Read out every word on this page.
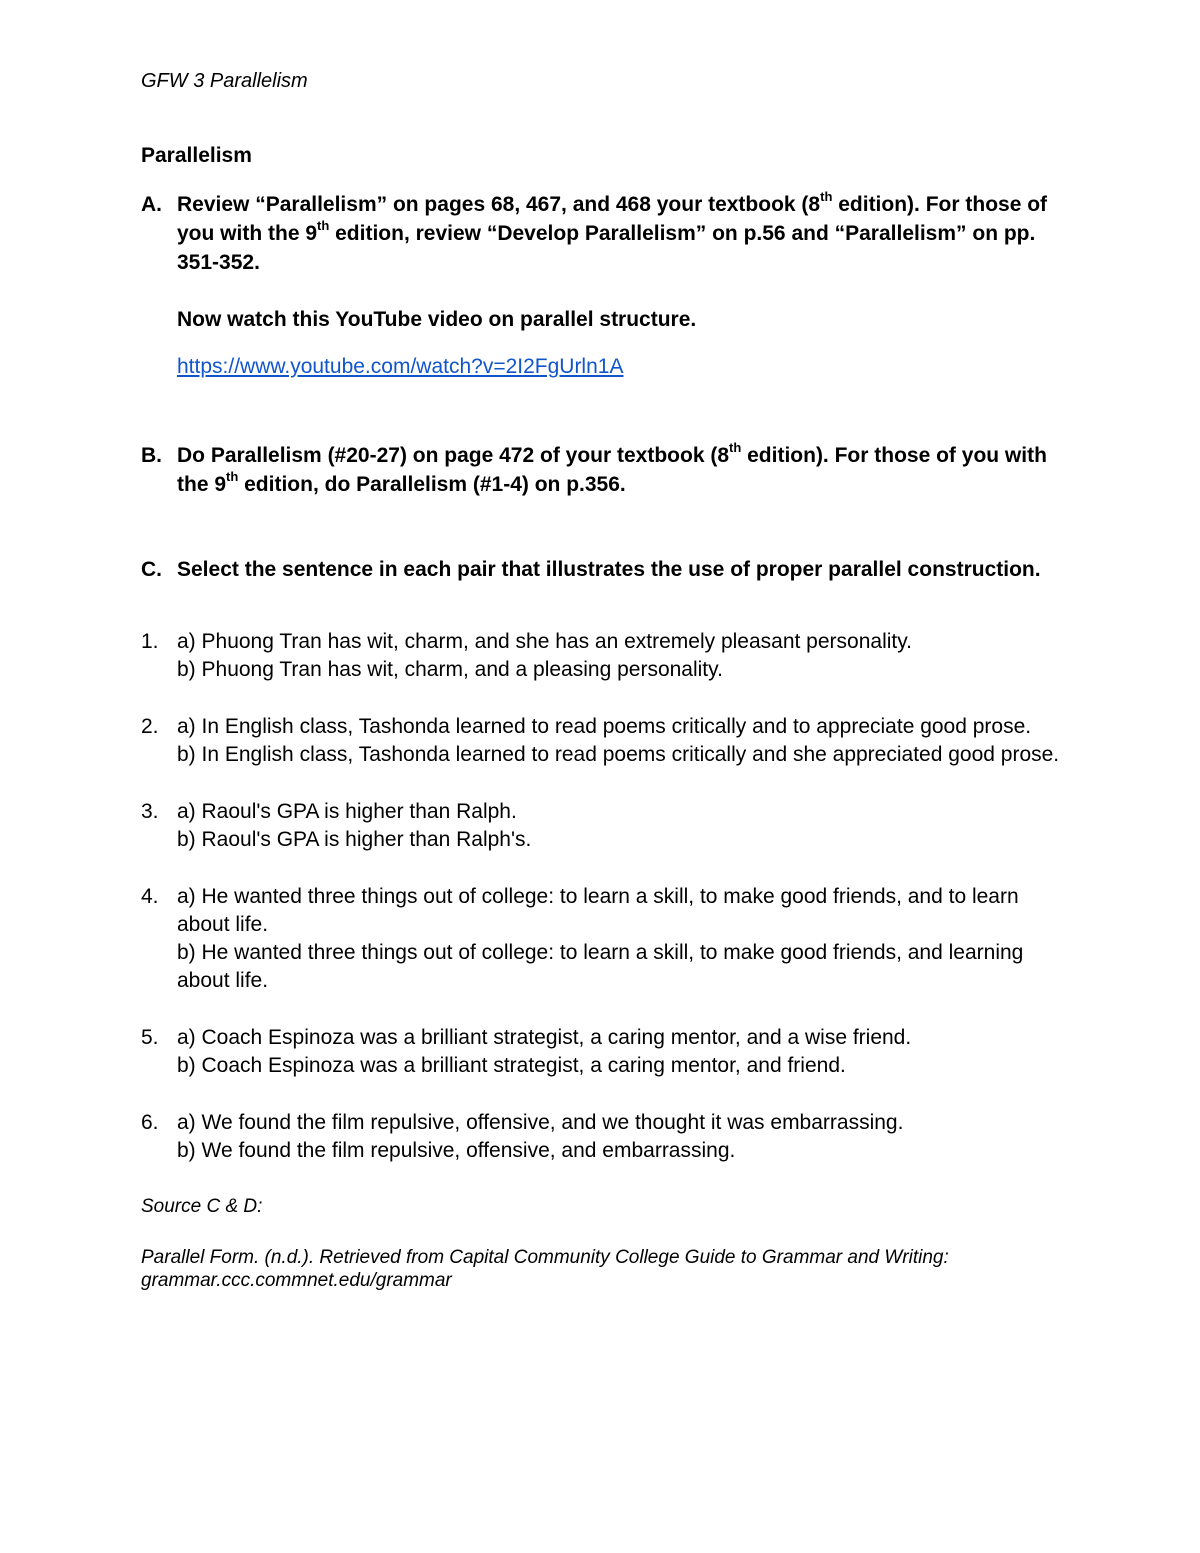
GFW 3 Parallelism
Parallelism
A. Review “Parallelism” on pages 68, 467, and 468 your textbook (8th edition). For those of you with the 9th edition, review “Develop Parallelism” on p.56 and “Parallelism” on pp. 351-352.

Now watch this YouTube video on parallel structure.

https://www.youtube.com/watch?v=2I2FgUrln1A
B. Do Parallelism (#20-27) on page 472 of your textbook (8th edition). For those of you with the 9th edition, do Parallelism (#1-4) on p.356.

C. Select the sentence in each pair that illustrates the use of proper parallel construction.

1. a) Phuong Tran has wit, charm, and she has an extremely pleasant personality.
b) Phuong Tran has wit, charm, and a pleasing personality.
2. a) In English class, Tashonda learned to read poems critically and to appreciate good prose.
b) In English class, Tashonda learned to read poems critically and she appreciated good prose.
3. a) Raoul's GPA is higher than Ralph.
b) Raoul's GPA is higher than Ralph's.
4. a) He wanted three things out of college: to learn a skill, to make good friends, and to learn about life.
b) He wanted three things out of college: to learn a skill, to make good friends, and learning about life.
5. a) Coach Espinoza was a brilliant strategist, a caring mentor, and a wise friend.
b) Coach Espinoza was a brilliant strategist, a caring mentor, and friend.
6. a) We found the film repulsive, offensive, and we thought it was embarrassing.
b) We found the film repulsive, offensive, and embarrassing.
Source C & D:
Parallel Form. (n.d.). Retrieved from Capital Community College Guide to Grammar and Writing: grammar.ccc.commnet.edu/grammar
